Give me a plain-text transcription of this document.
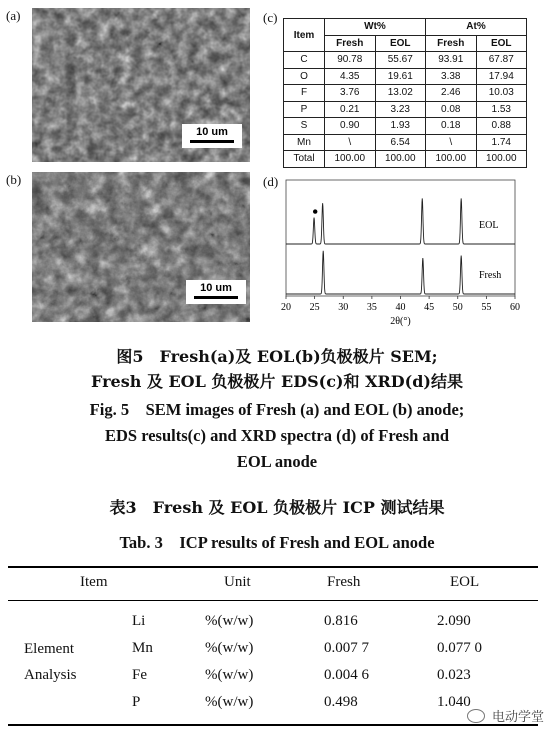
(a)
10 um
(b)
10 um
(c)
Item	Wt%		At%	
	Fresh	EOL	Fresh	EOL
C	90.78	55.67	93.91	67.87
O	4.35	19.61	3.38	17.94
F	3.76	13.02	2.46	10.03
P	0.21	3.23	0.08	1.53
S	0.90	1.93	0.18	0.88
Mn	\	6.54	\	1.74
Total	100.00	100.00	100.00	100.00
(d)
20 25 30 35 40 45 50 55 60
2θ(°)
EOL
Fresh
图5　Fresh(a)及 EOL(b)负极极片 SEM;
Fresh 及 EOL 负极极片 EDS(c)和 XRD(d)结果
Fig. 5　SEM images of Fresh (a) and EOL (b) anode;
EDS results(c) and XRD spectra (d) of Fresh and
EOL anode
表3　Fresh 及 EOL 负极极片 ICP 测试结果
Tab. 3　ICP results of Fresh and EOL anode
Item	Unit	Fresh	EOL
Element
Analysis
Li	%(w/w)	0.816	2.090
Mn	%(w/w)	0.007 7	0.077 0
Fe	%(w/w)	0.004 6	0.023
P	%(w/w)	0.498	1.040
电动学堂
